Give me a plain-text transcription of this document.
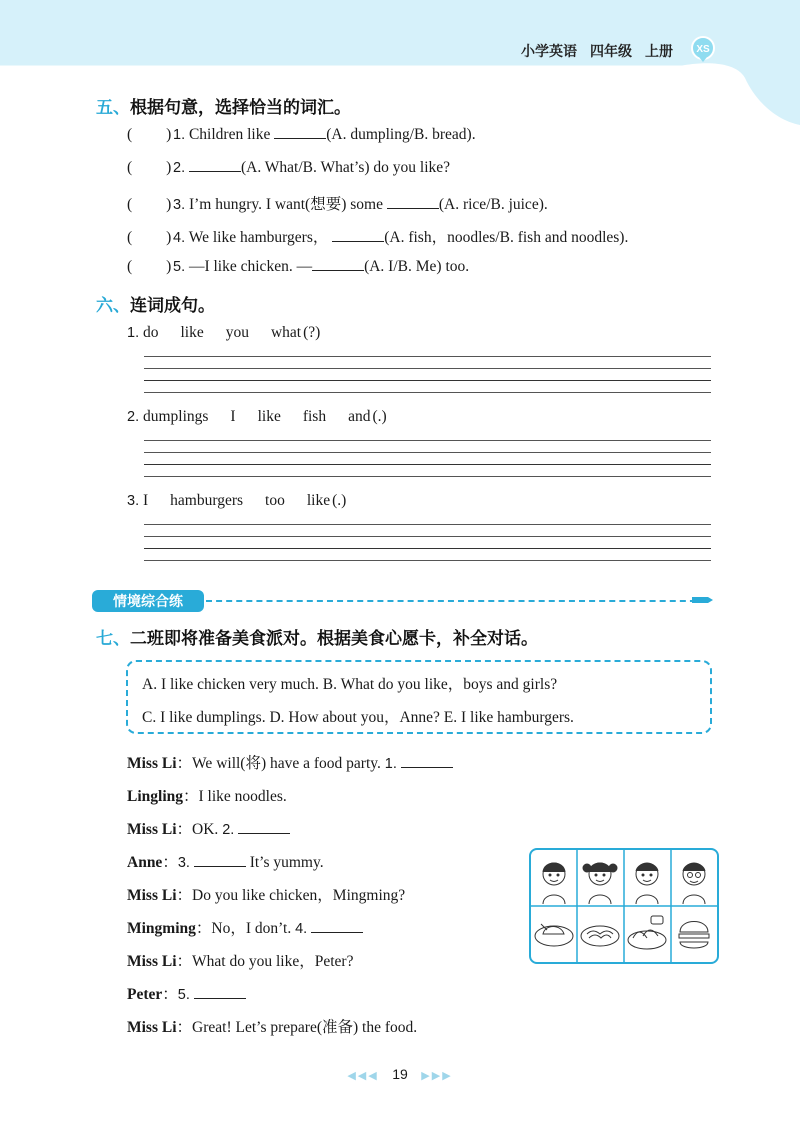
小学英语 四年级 上册 XS
五、根据句意，选择恰当的词汇。
( ) 1. Children like	(A. dumpling/B. bread).
( ) 2.	(A. What/B. What’s) do you like?
( ) 3. I’m hungry. I want(想要) some	(A. rice/B. juice).
( ) 4. We like hamburgers，	(A. fish，noodles/B. fish and noodles).
( ) 5. —I like chicken. —	(A. I/B. Me) too.
六、连词成句。
1. do like you what (?)
2. dumplings I like fish and (.)
3. I hamburgers too like (.)
情境综合练
七、二班即将准备美食派对。根据美食心愿卡，补全对话。
A. I like chicken very much. B. What do you like，boys and girls?
C. I like dumplings. D. How about you，Anne? E. I like hamburgers.
Miss Li：We will(将) have a food party. 1.
Lingling：I like noodles.
Miss Li：OK. 2.
Anne：3.	It’s yummy.
Miss Li：Do you like chicken，Mingming?
Mingming：No，I don’t. 4.
Miss Li：What do you like，Peter?
Peter：5.
Miss Li：Great! Let’s prepare(准备) the food.
◀◀◀ 19 ▶▶▶
